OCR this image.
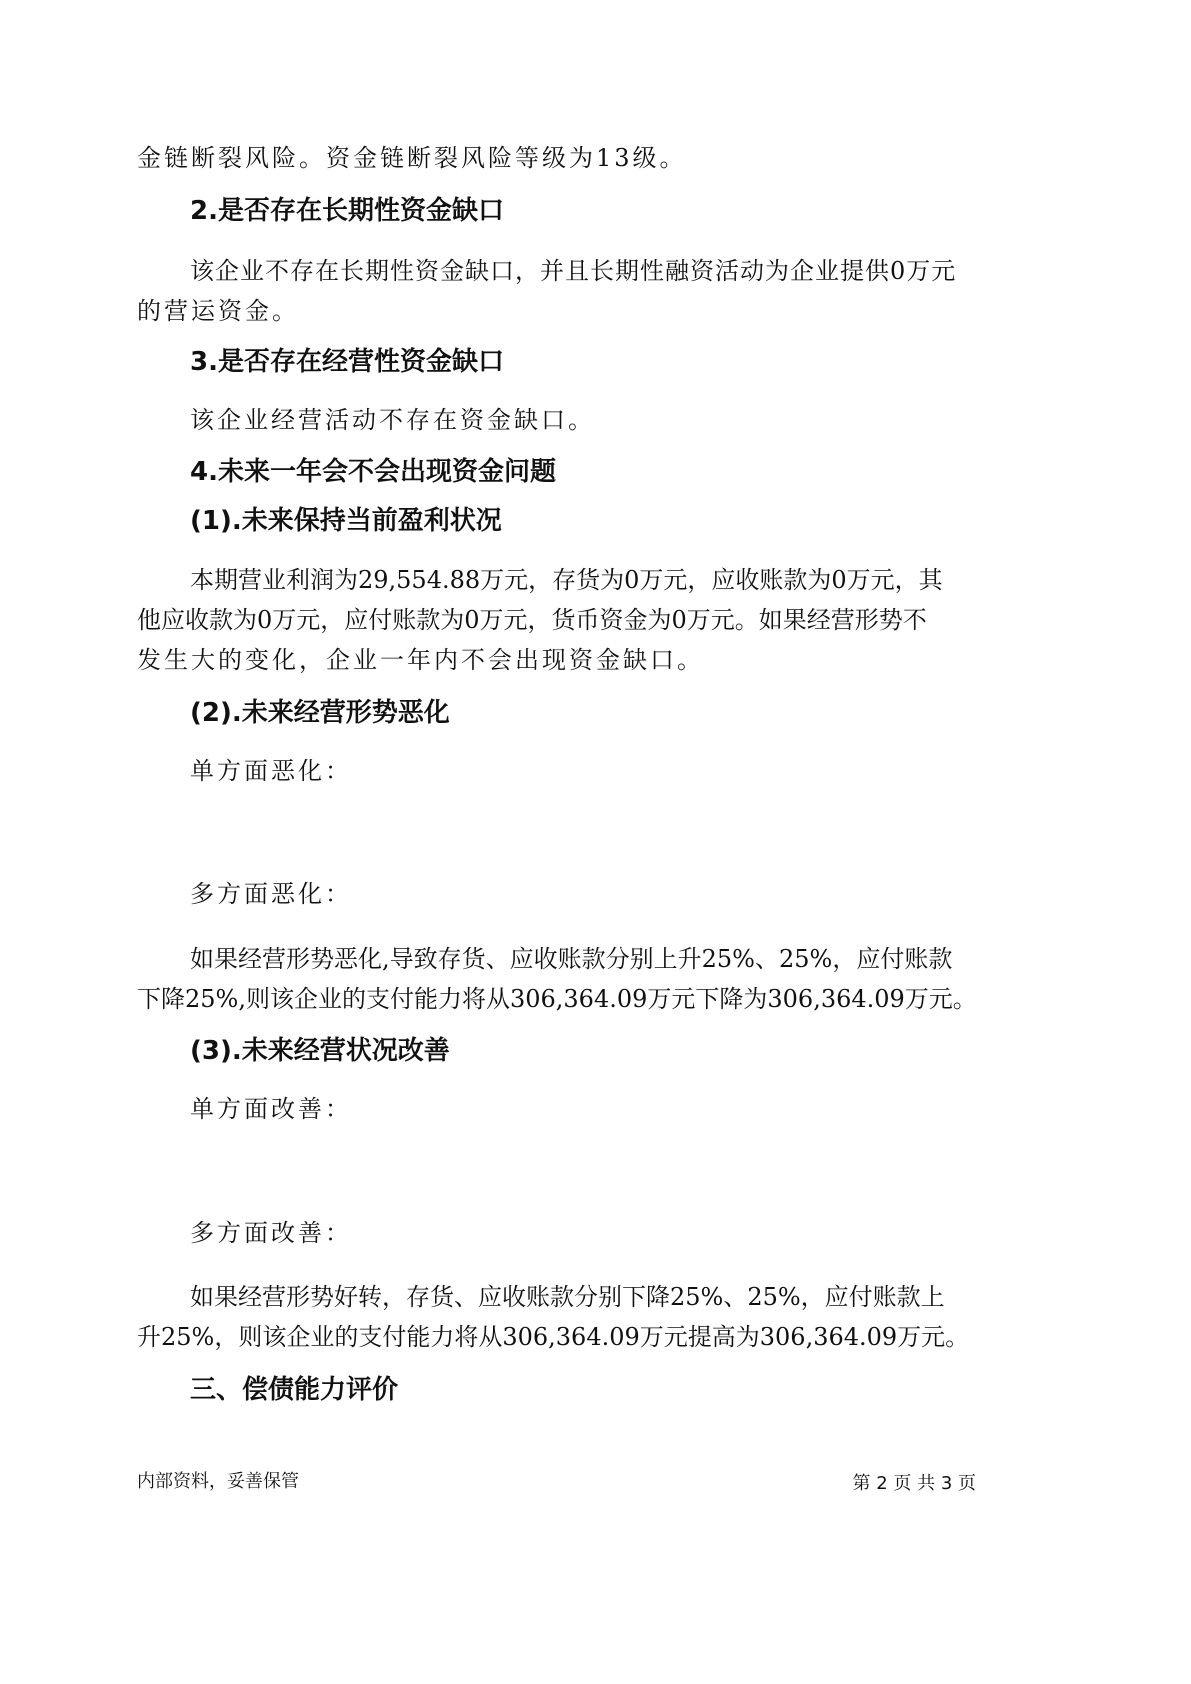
金链断裂风险。资金链断裂风险等级为13级。
2.是否存在长期性资金缺口
该企业不存在长期性资金缺口，并且长期性融资活动为企业提供0万元
的营运资金。
3.是否存在经营性资金缺口
该企业经营活动不存在资金缺口。
4.未来一年会不会出现资金问题
(1).未来保持当前盈利状况
本期营业利润为29,554.88万元，存货为0万元，应收账款为0万元，其
他应收款为0万元，应付账款为0万元，货币资金为0万元。如果经营形势不
发生大的变化，企业一年内不会出现资金缺口。
(2).未来经营形势恶化
单方面恶化：
多方面恶化：
如果经营形势恶化,导致存货、应收账款分别上升25%、25%，应付账款
下降25%,则该企业的支付能力将从306,364.09万元下降为306,364.09万元。
(3).未来经营状况改善
单方面改善：
多方面改善：
如果经营形势好转，存货、应收账款分别下降25%、25%，应付账款上
升25%，则该企业的支付能力将从306,364.09万元提高为306,364.09万元。
三、偿债能力评价
内部资料，妥善保管	第 2 页 共 3 页
